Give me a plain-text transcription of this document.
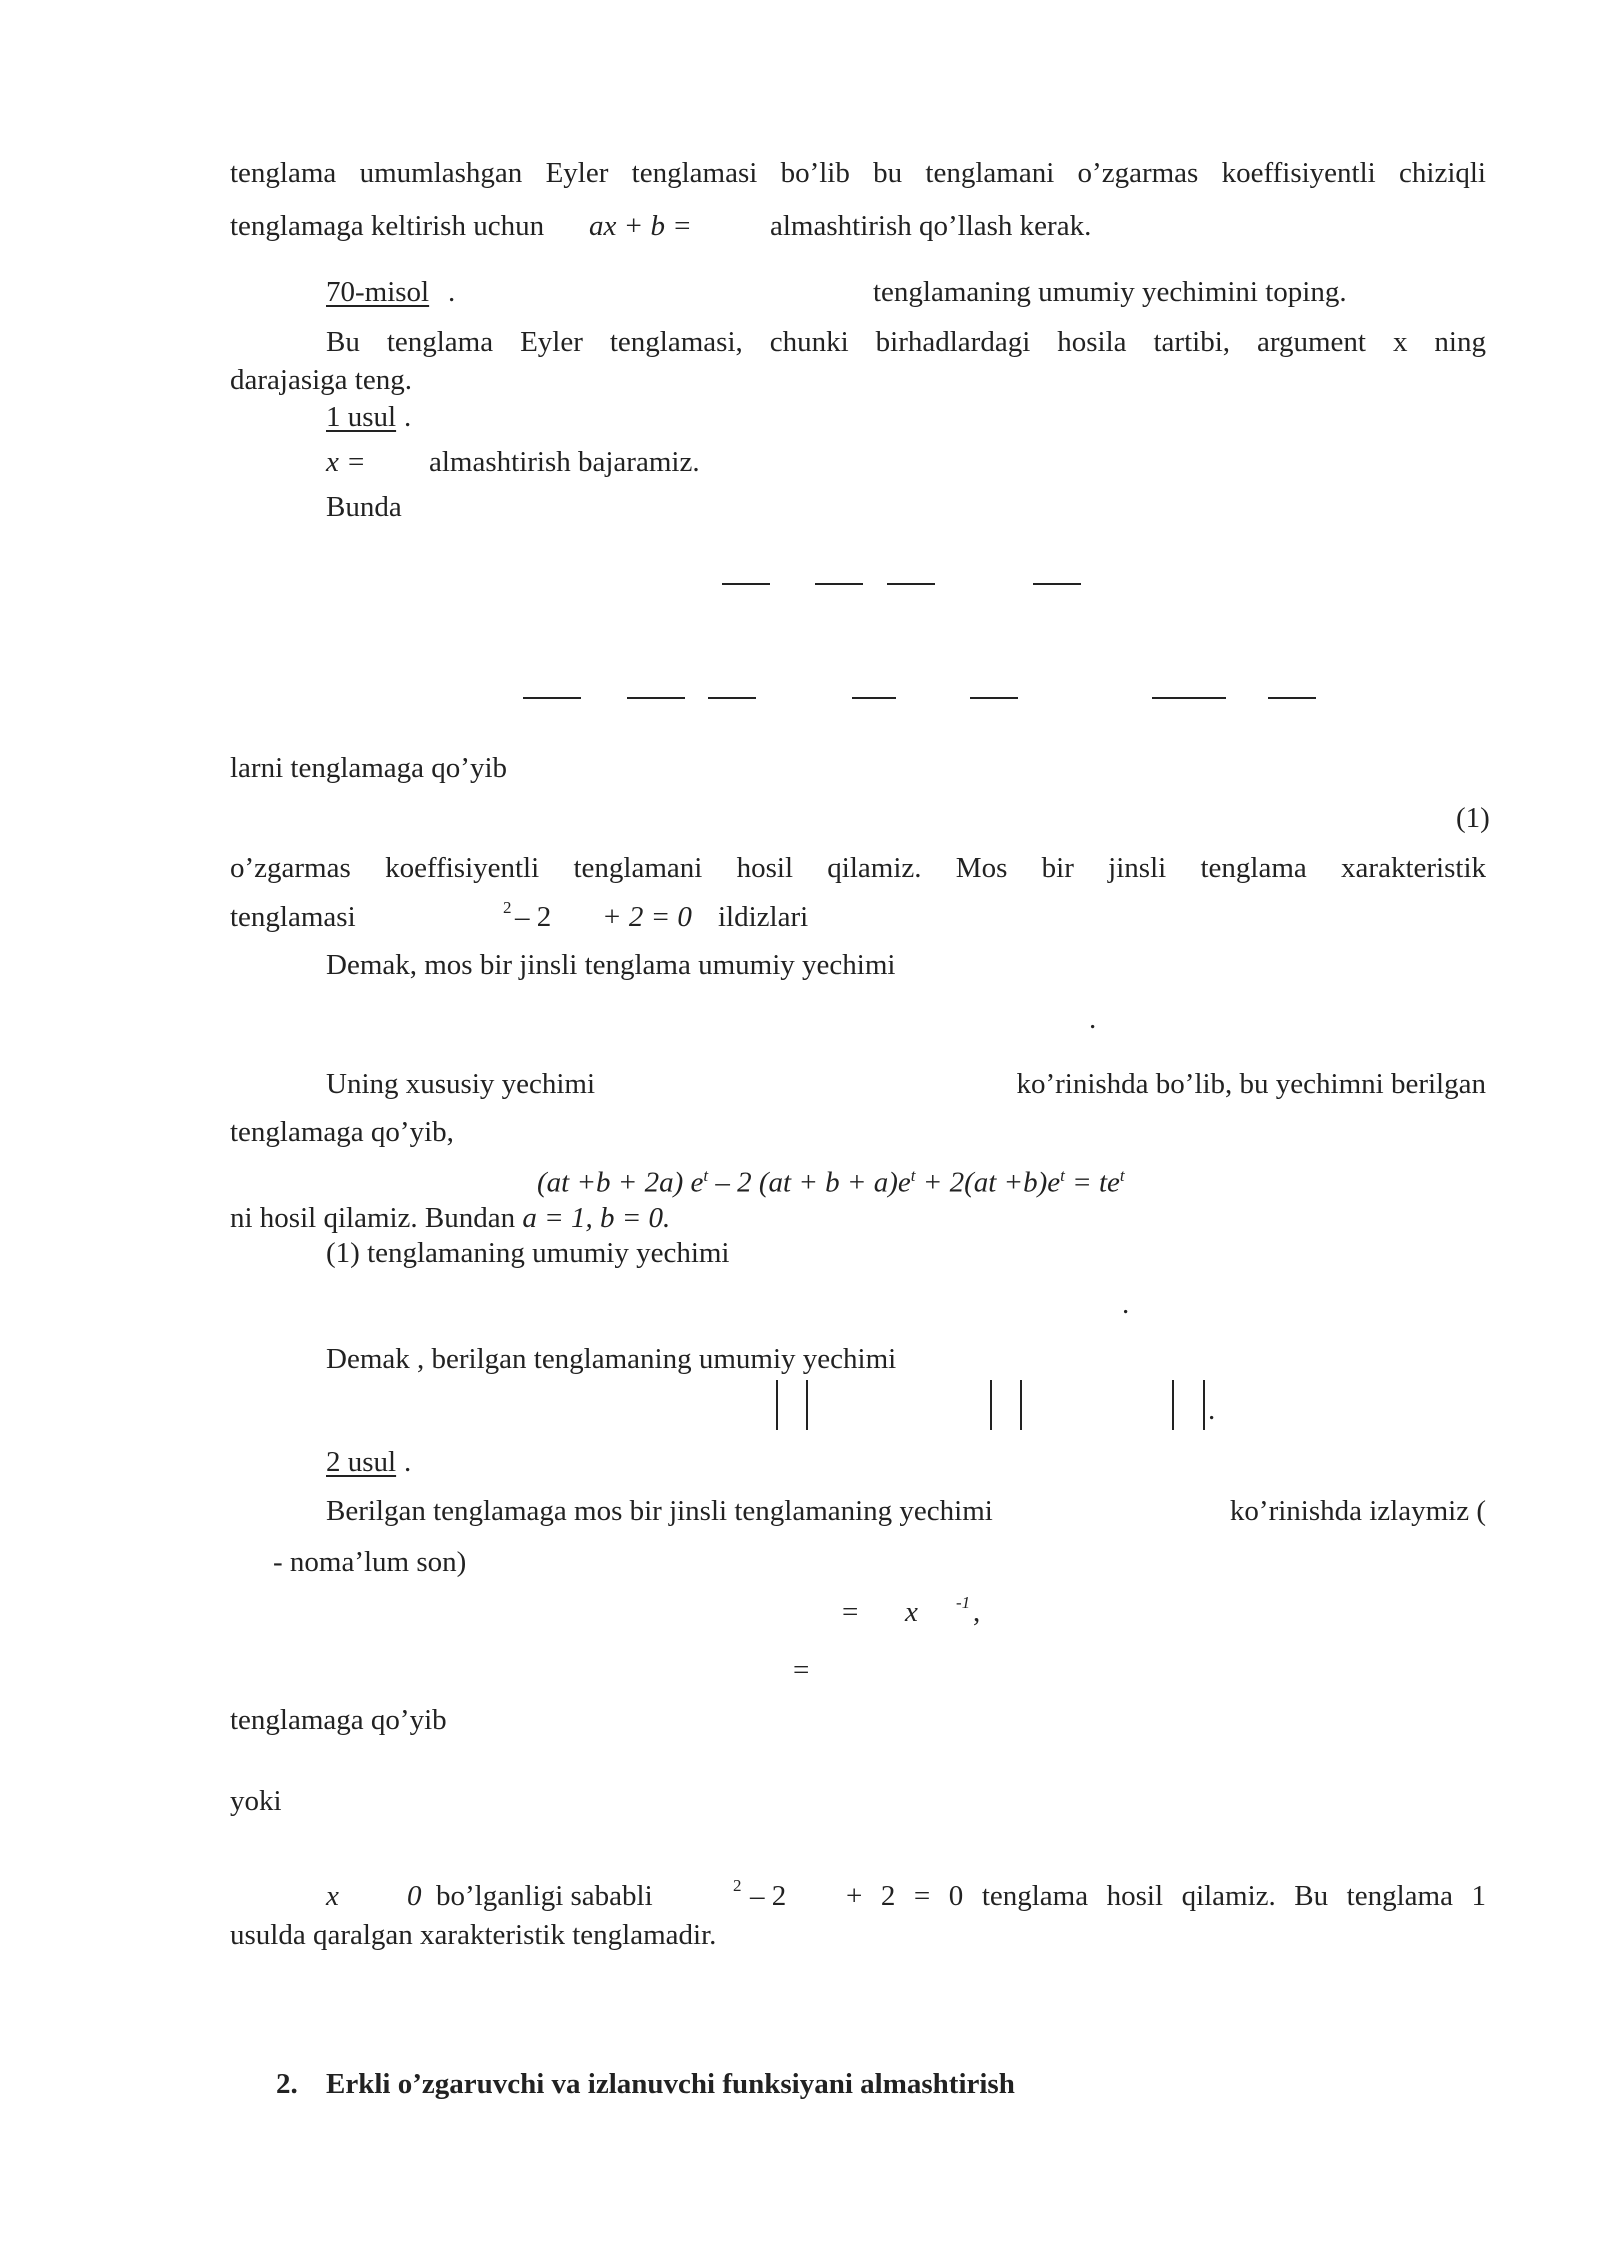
tenglama umumlashgan Eyler tenglamasi bo’lib bu tenglamani o’zgarmas koeffisiyentli chiziqli
tenglamaga keltirish uchun ax + b =	almashtirish qo’llash kerak.
70-misol .	tenglamaning umumiy yechimini toping.
Bu tenglama Eyler tenglamasi, chunki birhadlardagi hosila tartibi, argument x ning
darajasiga teng.
1 usul .
x = almashtirish bajaramiz.
Bunda
larni tenglamaga qo’yib
(1)
o’zgarmas koeffisiyentli tenglamani hosil qilamiz. Mos bir jinsli tenglama xarakteristik
tenglamasi	2 – 2 + 2 = 0 ildizlari
Demak, mos bir jinsli tenglama umumiy yechimi
.
Uning xususiy yechimi	ko’rinishda bo’lib, bu yechimni berilgan
tenglamaga qo’yib,
(at +b + 2a) $e^t - 2$ $(at + b + a)e^t + 2(at +b)e^t = te^t$
ni hosil qilamiz. Bundan a = 1, b = 0.
(1) tenglamaning umumiy yechimi
.
Demak , berilgan tenglamaning umumiy yechimi
.
2 usul .
Berilgan tenglamaga mos bir jinsli tenglamaning yechimi	ko’rinishda izlaymiz (
- noma’lum son)
= x -1 ,
=
tenglamaga qo’yib
yoki
x 0 bo’lganligi sababli	2 – 2 + 2 = 0 tenglama hosil qilamiz. Bu tenglama 1
usulda qaralgan xarakteristik tenglamadir.
2. Erkli o’zgaruvchi va izlanuvchi funksiyani almashtirish
